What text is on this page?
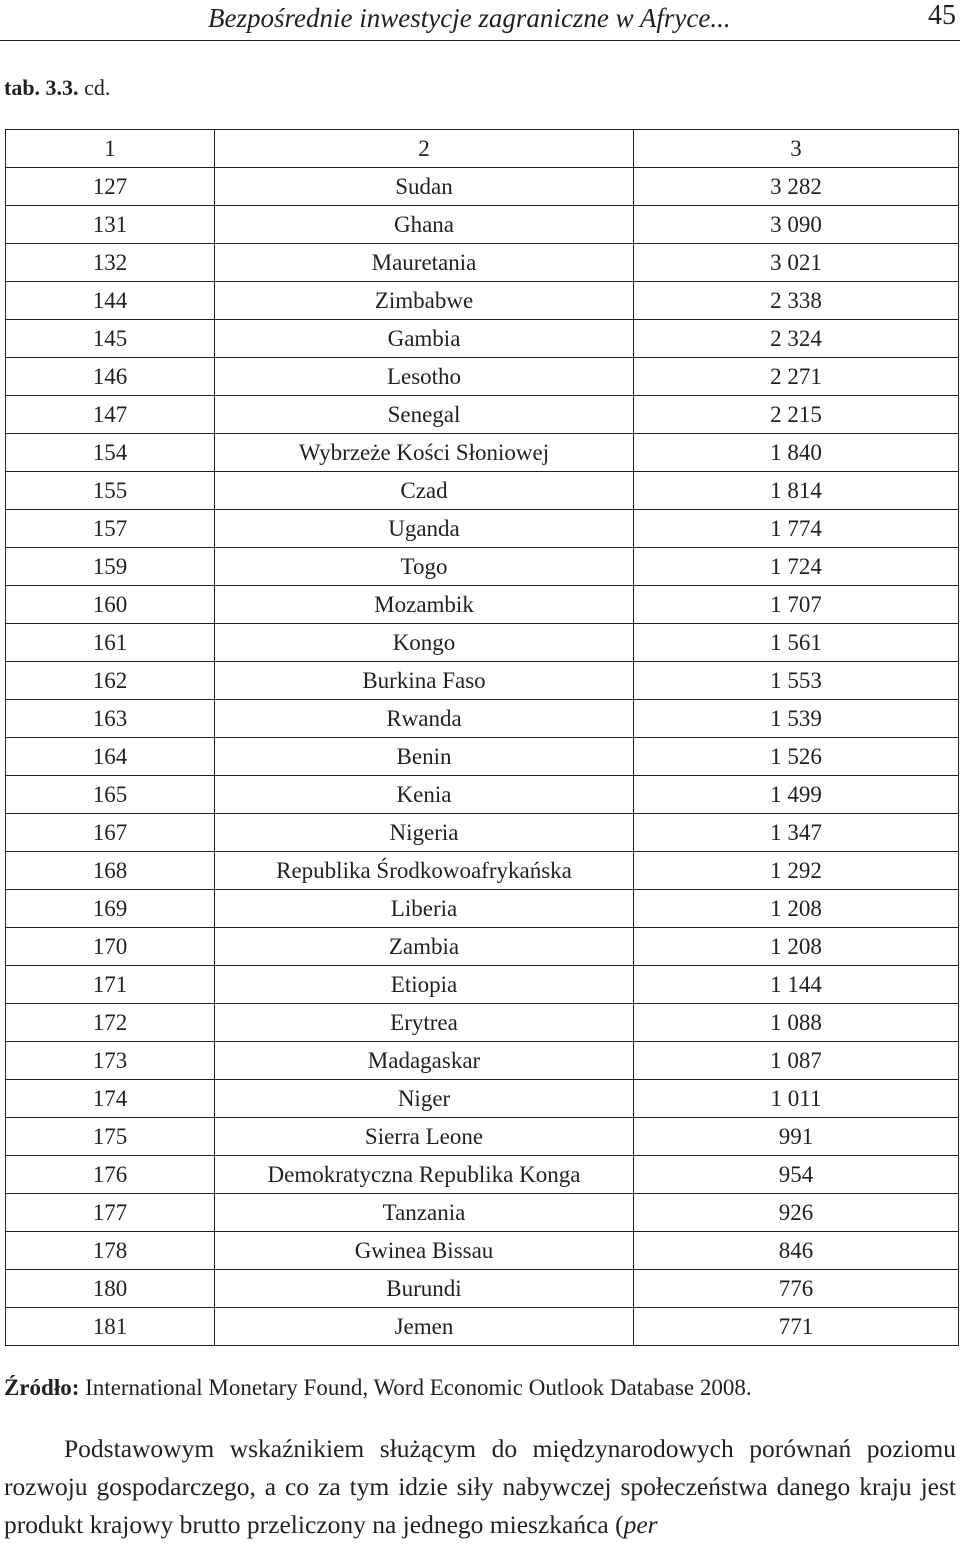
Bezpośrednie inwestycje zagraniczne w Afryce...	45
tab. 3.3. cd.
1	2	3
127	Sudan	3 282
131	Ghana	3 090
132	Mauretania	3 021
144	Zimbabwe	2 338
145	Gambia	2 324
146	Lesotho	2 271
147	Senegal	2 215
154	Wybrzeże Kości Słoniowej	1 840
155	Czad	1 814
157	Uganda	1 774
159	Togo	1 724
160	Mozambik	1 707
161	Kongo	1 561
162	Burkina Faso	1 553
163	Rwanda	1 539
164	Benin	1 526
165	Kenia	1 499
167	Nigeria	1 347
168	Republika Środkowoafrykańska	1 292
169	Liberia	1 208
170	Zambia	1 208
171	Etiopia	1 144
172	Erytrea	1 088
173	Madagaskar	1 087
174	Niger	1 011
175	Sierra Leone	991
176	Demokratyczna Republika Konga	954
177	Tanzania	926
178	Gwinea Bissau	846
180	Burundi	776
181	Jemen	771
Źródło: International Monetary Found, Word Economic Outlook Database 2008.
Podstawowym wskaźnikiem służącym do międzynarodowych porównań poziomu rozwoju gospodarczego, a co za tym idzie siły nabywczej społeczeństwa danego kraju jest produkt krajowy brutto przeliczony na jednego mieszkańca (per
